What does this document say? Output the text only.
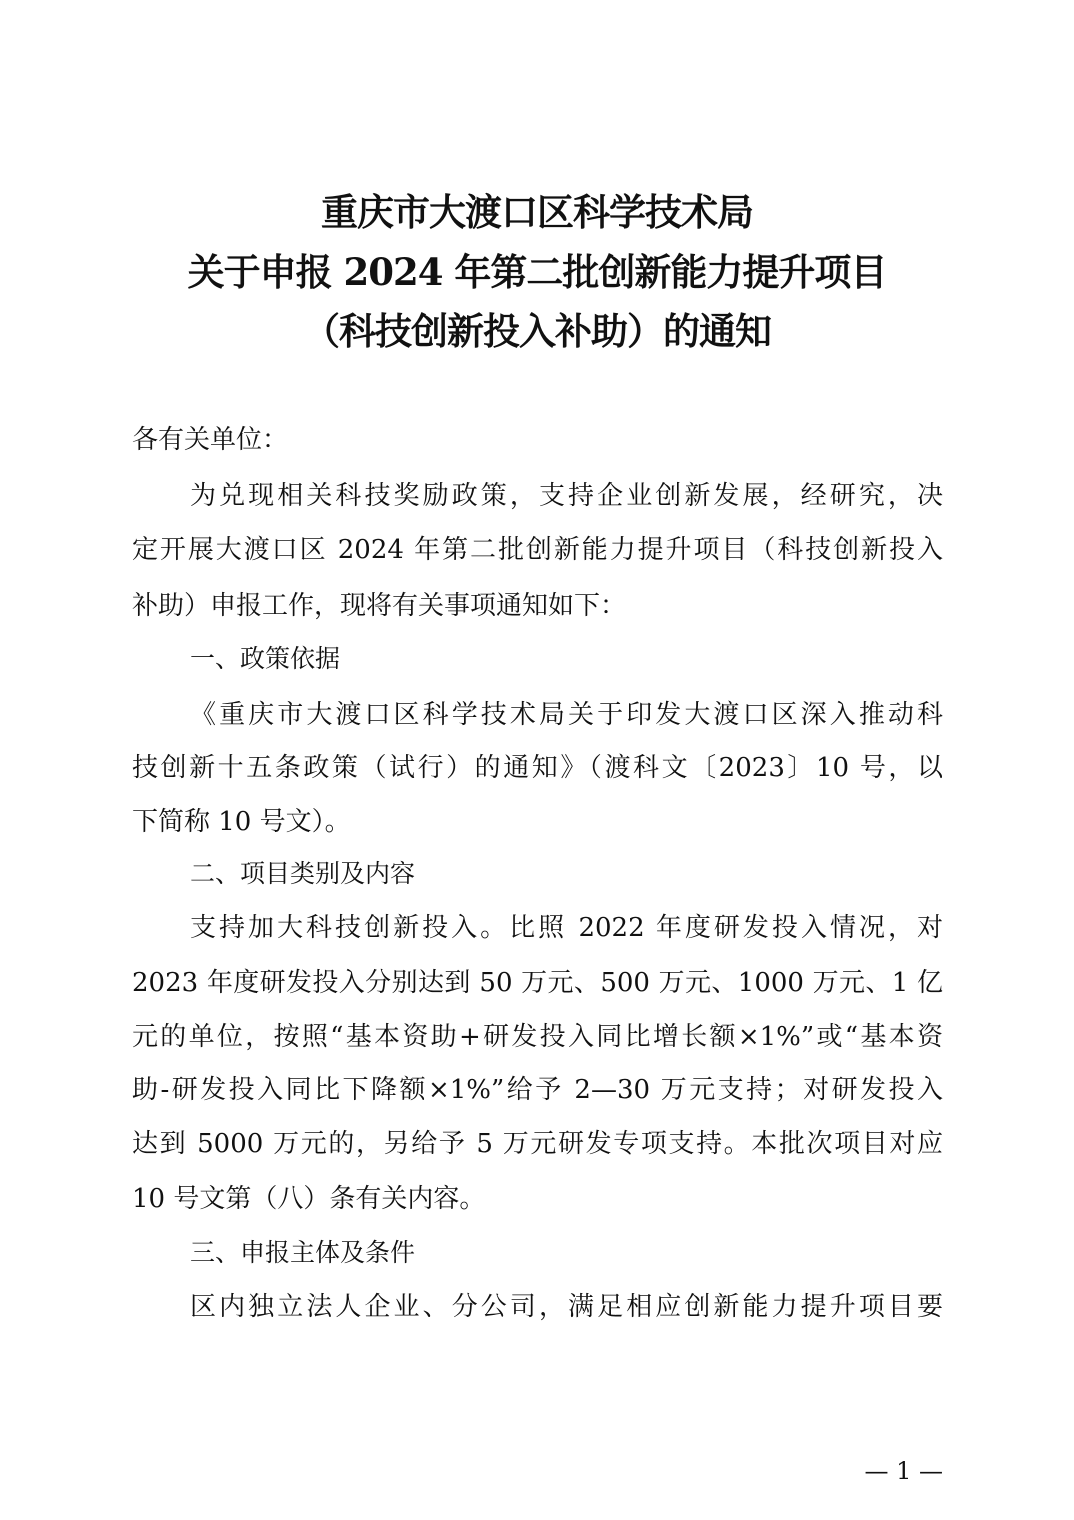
重庆市大渡口区科学技术局
关于申报 2024 年第二批创新能力提升项目
（科技创新投入补助）的通知
各有关单位：
为兑现相关科技奖励政策，支持企业创新发展，经研究，决
定开展大渡口区 2024 年第二批创新能力提升项目（科技创新投入
补助）申报工作，现将有关事项通知如下：
一、政策依据
《重庆市大渡口区科学技术局关于印发大渡口区深入推动科
技创新十五条政策（试行）的通知》（渡科文〔2023〕10 号，以
下简称 10 号文）。
二、项目类别及内容
支持加大科技创新投入。比照 2022 年度研发投入情况，对
2023 年度研发投入分别达到 50 万元、500 万元、1000 万元、1 亿
元的单位，按照“基本资助+研发投入同比增长额×1%”或“基本资
助-研发投入同比下降额×1%”给予 2—30 万元支持；对研发投入
达到 5000 万元的，另给予 5 万元研发专项支持。本批次项目对应
10 号文第（八）条有关内容。
三、申报主体及条件
区内独立法人企业、分公司，满足相应创新能力提升项目要
— 1 —
